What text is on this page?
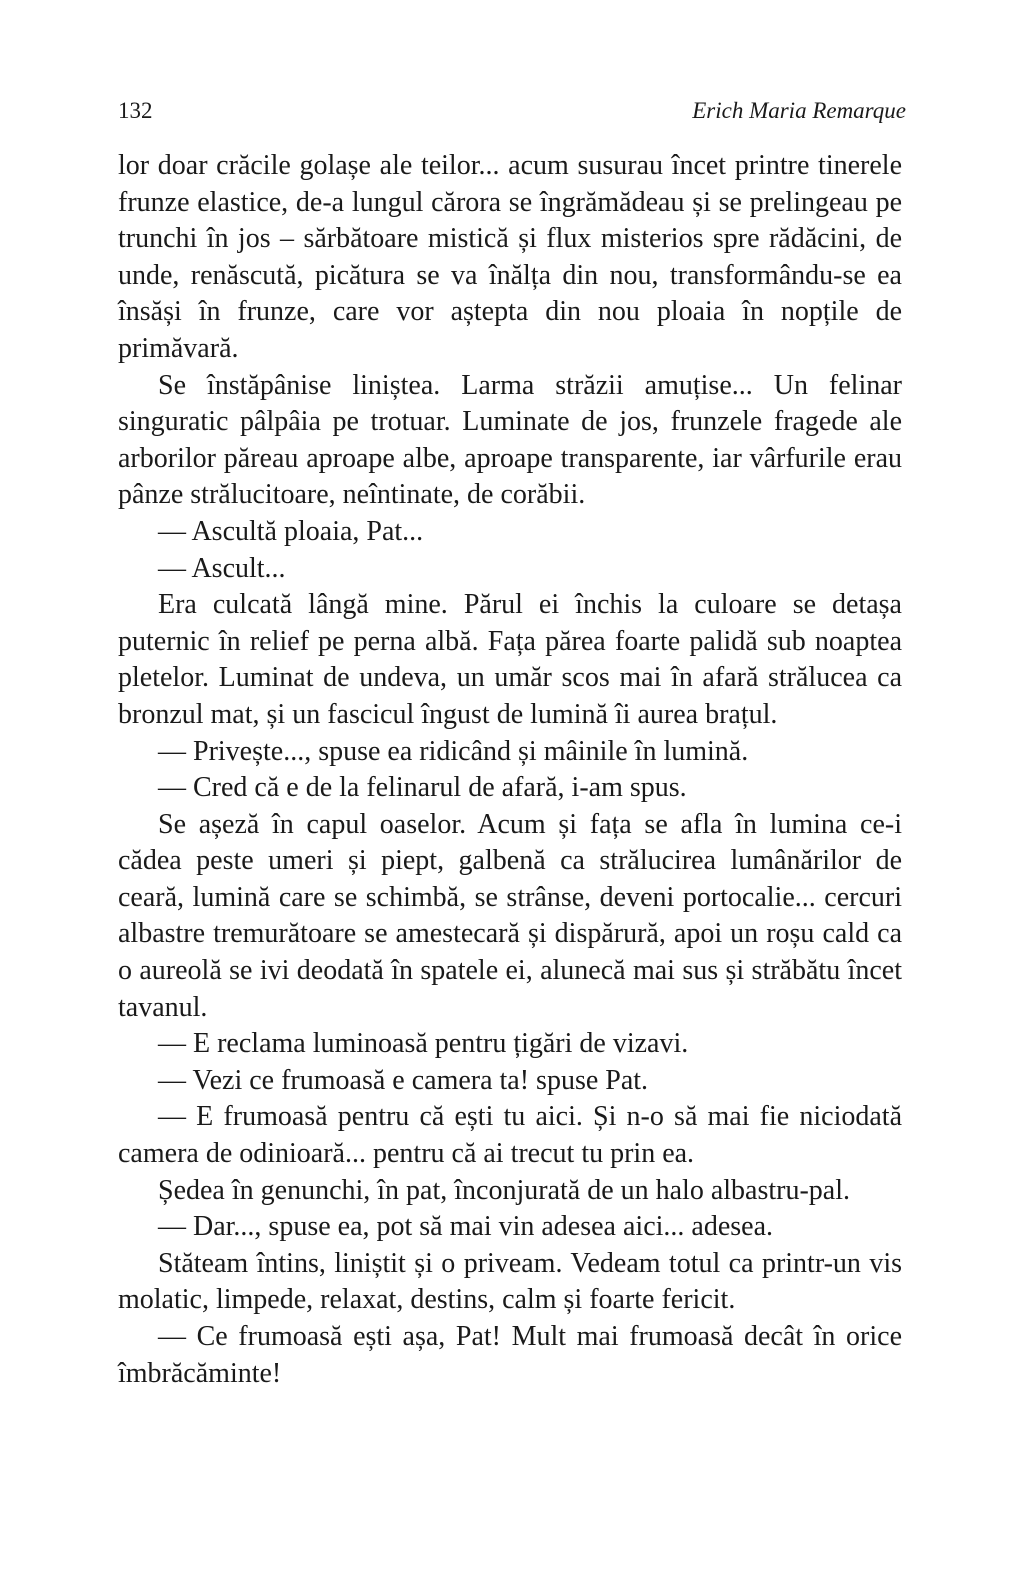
132	Erich Maria Remarque

lor doar crăcile golașe ale teilor... acum susurau încet printre tinerele frunze elastice, de-a lungul cărora se îngrămădeau și se prelingeau pe trunchi în jos – sărbătoare mistică și flux misterios spre rădăcini, de unde, renăscută, picătura se va înălța din nou, transformându-se ea însăși în frunze, care vor aștepta din nou ploaia în nopțile de primăvară.

Se înstăpânise liniștea. Larma străzii amuțise... Un felinar singuratic pâlpâia pe trotuar. Luminate de jos, frunzele fragede ale arborilor păreau aproape albe, aproape transparente, iar vârfurile erau pânze strălucitoare, neîntinate, de corăbii.

— Ascultă ploaia, Pat...

— Ascult...

Era culcată lângă mine. Părul ei închis la culoare se detașa puternic în relief pe perna albă. Fața părea foarte palidă sub noaptea pletelor. Luminat de undeva, un umăr scos mai în afară strălucea ca bronzul mat, și un fascicul îngust de lumină îi aurea brațul.

— Privește..., spuse ea ridicând și mâinile în lumină.

— Cred că e de la felinarul de afară, i-am spus.

Se așeză în capul oaselor. Acum și fața se afla în lumina ce-i cădea peste umeri și piept, galbenă ca strălucirea lumânărilor de ceară, lumină care se schimbă, se strânse, deveni portocalie... cercuri albastre tremurătoare se amestecară și dispărură, apoi un roșu cald ca o aureolă se ivi deodată în spatele ei, alunecă mai sus și străbătu încet tavanul.

— E reclama luminoasă pentru țigări de vizavi.

— Vezi ce frumoasă e camera ta! spuse Pat.

— E frumoasă pentru că ești tu aici. Și n-o să mai fie niciodată camera de odinioară... pentru că ai trecut tu prin ea.

Ședea în genunchi, în pat, înconjurată de un halo albastru-pal.

— Dar..., spuse ea, pot să mai vin adesea aici... adesea.

Stăteam întins, liniștit și o priveam. Vedeam totul ca printr-un vis molatic, limpede, relaxat, destins, calm și foarte fericit.

— Ce frumoasă ești așa, Pat! Mult mai frumoasă decât în orice îmbrăcăminte!
